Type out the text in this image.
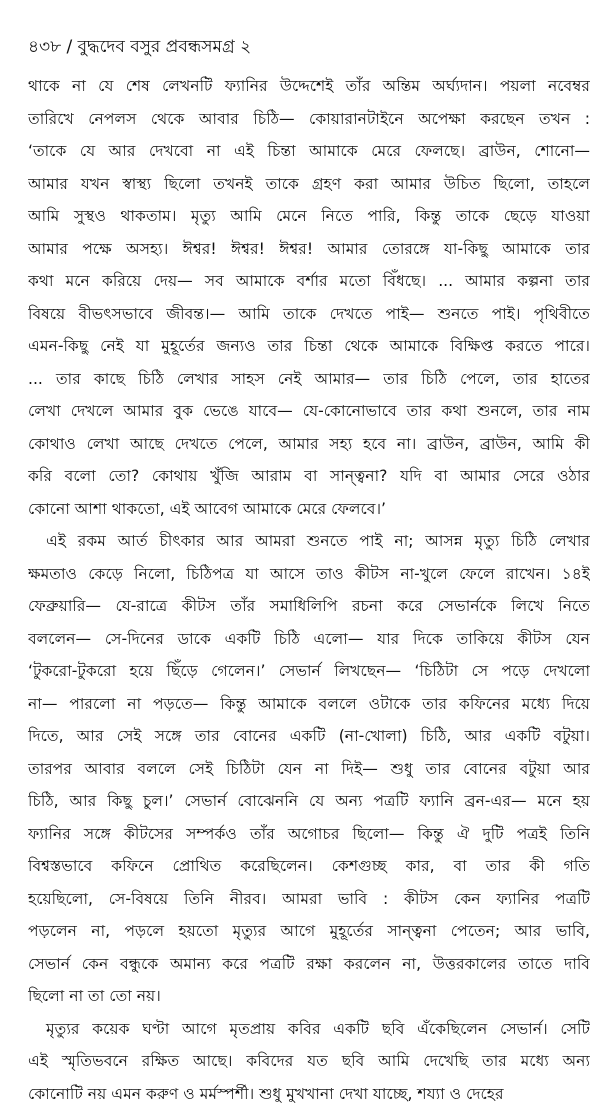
৪৩৮ / বুদ্ধদেব বসুর প্রবন্ধসমগ্র ২
থাকে না যে শেষ লেখনটি ফ্যানির উদ্দেশেই তাঁর অন্তিম অর্ঘ্যদান। পয়লা নবেম্বর
তারিখে নেপলস থেকে আবার চিঠি— কোয়ারানটাইনে অপেক্ষা করছেন তখন :
‘তাকে যে আর দেখবো না এই চিন্তা আমাকে মেরে ফেলছে। ব্রাউন, শোনো—
আমার যখন স্বাস্থ্য ছিলো তখনই তাকে গ্রহণ করা আমার উচিত ছিলো, তাহলে
আমি সুস্থও থাকতাম। মৃত্যু আমি মেনে নিতে পারি, কিন্তু তাকে ছেড়ে যাওয়া
আমার পক্ষে অসহ্য। ঈশ্বর! ঈশ্বর! ঈশ্বর! আমার তোরঙ্গে যা-কিছু আমাকে তার
কথা মনে করিয়ে দেয়— সব আমাকে বর্শার মতো বিঁধছে। ... আমার কল্পনা তার
বিষয়ে বীভৎসভাবে জীবন্ত।— আমি তাকে দেখতে পাই— শুনতে পাই। পৃথিবীতে
এমন-কিছু নেই যা মুহূর্তের জন্যও তার চিন্তা থেকে আমাকে বিক্ষিপ্ত করতে পারে।
... তার কাছে চিঠি লেখার সাহস নেই আমার— তার চিঠি পেলে, তার হাতের
লেখা দেখলে আমার বুক ভেঙে যাবে— যে-কোনোভাবে তার কথা শুনলে, তার নাম
কোথাও লেখা আছে দেখতে পেলে, আমার সহ্য হবে না। ব্রাউন, ব্রাউন, আমি কী
করি বলো তো? কোথায় খুঁজি আরাম বা সান্ত্বনা? যদি বা আমার সেরে ওঠার
কোনো আশা থাকতো, এই আবেগ আমাকে মেরে ফেলবে।’
এই রকম আর্ত চীৎকার আর আমরা শুনতে পাই না; আসন্ন মৃত্যু চিঠি লেখার
ক্ষমতাও কেড়ে নিলো, চিঠিপত্র যা আসে তাও কীটস না-খুলে ফেলে রাখেন। ১৪ই
ফেব্রুয়ারি— যে-রাত্রে কীটস তাঁর সমাধিলিপি রচনা করে সেভার্নকে লিখে নিতে
বললেন— সে-দিনের ডাকে একটি চিঠি এলো— যার দিকে তাকিয়ে কীটস যেন
‘টুকরো-টুকরো হয়ে ছিঁড়ে গেলেন।’ সেভার্ন লিখছেন— ‘চিঠিটা সে পড়ে দেখলো
না— পারলো না পড়তে— কিন্তু আমাকে বললে ওটাকে তার কফিনের মধ্যে দিয়ে
দিতে, আর সেই সঙ্গে তার বোনের একটি (না-খোলা) চিঠি, আর একটি বটুয়া।
তারপর আবার বললে সেই চিঠিটা যেন না দিই— শুধু তার বোনের বটুয়া আর
চিঠি, আর কিছু চুল।’ সেভার্ন বোঝেননি যে অন্য পত্রটি ফ্যানি ব্রন-এর— মনে হয়
ফ্যানির সঙ্গে কীটসের সম্পর্কও তাঁর অগোচর ছিলো— কিন্তু ঐ দুটি পত্রই তিনি
বিশ্বস্তভাবে কফিনে প্রোথিত করেছিলেন। কেশগুচ্ছ কার, বা তার কী গতি
হয়েছিলো, সে-বিষয়ে তিনি নীরব। আমরা ভাবি : কীটস কেন ফ্যানির পত্রটি
পড়লেন না, পড়লে হয়তো মৃত্যুর আগে মুহূর্তের সান্ত্বনা পেতেন; আর ভাবি,
সেভার্ন কেন বন্ধুকে অমান্য করে পত্রটি রক্ষা করলেন না, উত্তরকালের তাতে দাবি
ছিলো না তা তো নয়।
মৃত্যুর কয়েক ঘণ্টা আগে মৃতপ্রায় কবির একটি ছবি এঁকেছিলেন সেভার্ন। সেটি
এই স্মৃতিভবনে রক্ষিত আছে। কবিদের যত ছবি আমি দেখেছি তার মধ্যে অন্য
কোনোটি নয় এমন করুণ ও মর্মস্পর্শী। শুধু মুখখানা দেখা যাচ্ছে, শয্যা ও দেহের
